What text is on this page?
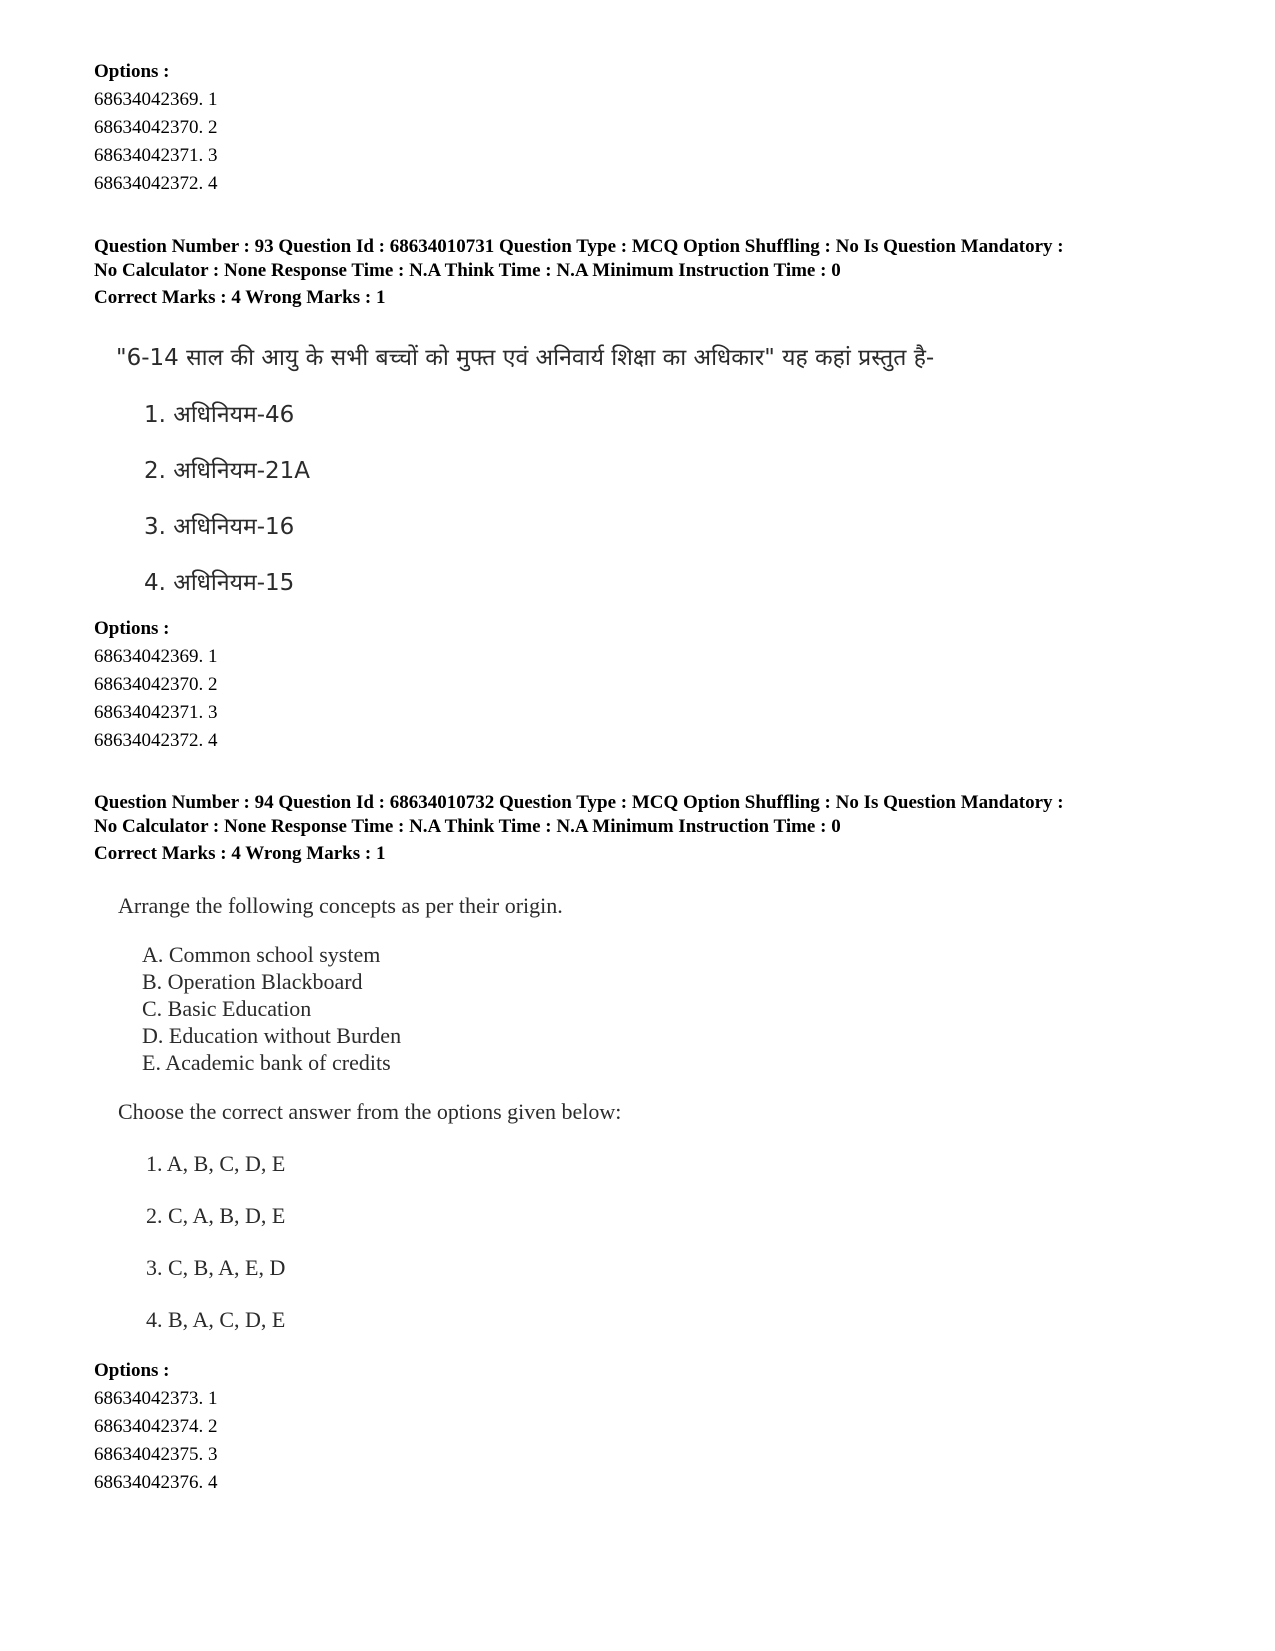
Options :
68634042369. 1
68634042370. 2
68634042371. 3
68634042372. 4
Question Number : 93 Question Id : 68634010731 Question Type : MCQ Option Shuffling : No Is Question Mandatory :
No Calculator : None Response Time : N.A Think Time : N.A Minimum Instruction Time : 0
Correct Marks : 4 Wrong Marks : 1
"6-14 साल की आयु के सभी बच्चों को मुफ्त एवं अनिवार्य शिक्षा का अधिकार" यह कहां प्रस्तुत है-
1. अधिनियम-46
2. अधिनियम-21A
3. अधिनियम-16
4. अधिनियम-15
Options :
68634042369. 1
68634042370. 2
68634042371. 3
68634042372. 4
Question Number : 94 Question Id : 68634010732 Question Type : MCQ Option Shuffling : No Is Question Mandatory :
No Calculator : None Response Time : N.A Think Time : N.A Minimum Instruction Time : 0
Correct Marks : 4 Wrong Marks : 1
Arrange the following concepts as per their origin.
A. Common school system
B. Operation Blackboard
C. Basic Education
D. Education without Burden
E. Academic bank of credits
Choose the correct answer from the options given below:
1. A, B, C, D, E
2. C, A, B, D, E
3. C, B, A, E, D
4. B, A, C, D, E
Options :
68634042373. 1
68634042374. 2
68634042375. 3
68634042376. 4
